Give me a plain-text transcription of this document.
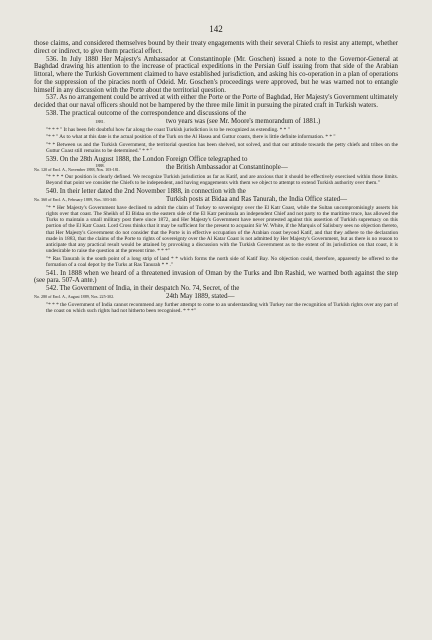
142

those claims, and considered themselves bound by their treaty engagements with their several Chiefs to resist any attempt, whether direct or indirect, to give them practical effect.

536. In July 1880 Her Majesty's Ambassador at Constantinople (Mr. Goschen) issued a note to the Governor-General at Baghdad drawing his attention to the increase of practical expeditions in the Persian Gulf issuing from that side of the Arabian littoral, where the Turkish Government claimed to have established jurisdiction, and asking his co-operation in a plan of operations for the suppression of the piracies north of Odeid. Mr. Goschen's proceedings were approved, but he was warned not to entangle himself in any discussion with the Porte about the territorial question.

537. As no arrangement could be arrived at with either the Porte or the Porte of Baghdad, Her Majesty's Government ultimately decided that our naval officers should not be hampered by the three mile limit in pursuing the pirated craft in Turkish waters.

538. The practical outcome of the correspondence and discussions of the

1881.	two years was (see Mr. Moore's memorandum of 1881.)

"* * * " It has been felt doubtful how far along the coast Turkish jurisdiction is to be recognized as extending. * * "

"* * " As to what at this date is the actual position of the Turk on the Al Hasea and Guttur coasts, there is little definite information. * * "

"* * Between us and the Turkish Government, the territorial question has been shelved, not solved, and that our attitude towards the petty chiefs and tribes on the Guttur Coast still remains to be determined." * * "

539. On the 28th August 1888, the London Foreign Office telegraphed to

1888.
No. 120 of Encl. A., November 1888, Nos. 103-181.	the British Ambassador at Constantinople—

"* * * * Our position is clearly defined. We recognize Turkish jurisdiction as far as Katif, and are anxious that it should be effectively exercised within those limits. Beyond that point we consider the Chiefs to be independent, and having engagements with them we object to attempt to extend Turkish authority over them."

540. In their letter dated the 2nd November 1888, in connection with the

No. 360 of Encl. A., February 1889, Nos. 303-340.	Turkish posts at Bidaa and Ras Tanurah, the India Office stated—

"* * Her Majesty's Government have declined to admit the claim of Turkey to sovereignty over the El Katr Coast, while the Sultan uncompromisingly asserts his rights over that coast. The Sheikh of El Bidaa on the eastern side of the El Katr peninsula an independent Chief and not party to the maritime truce, has allowed the Turks to maintain a small military post there since 1872, and Her Majesty's Government have never protested against this assertion of Turkish supremacy on this portion of the El Katr Coast. Lord Cross thinks that it may be sufficient for the present to acquaint Sir W. White, if the Marquis of Salisbury sees no objection thereto, that Her Majesty's Government do not consider that the Porte is in effective occupation of the Arabian coast beyond Katif, and that they adhere to the declaration made in 1883, that the claims of the Porte to rights of sovereignty over the Al Katar Coast is not admitted by Her Majesty's Government, but as there is no reason to anticipate that any practical result would be attained by provoking a discussion with the Turkish Government as to the extent of its jurisdiction on that coast, it is undesirable to raise the question at the present time. * * *"

"* Ras Tanurah is the south point of a long strip of land * * which forms the north side of Katif Bay. No objection could, therefore, apparently be offered to the formation of a coal depot by the Turks at Ras Tanurah * * ."

541. In 1888 when we heard of a threatened invasion of Oman by the Turks and Ibn Rashid, we warned both against the step (see para. 507-A ante.)

542. The Government of India, in their despatch No. 74, Secret, of the

No. 280 of Encl. A., August 1889, Nos. 225-302.	24th May 1889, stated—

"* * * the Government of India cannot recommend any further attempt to come to an understanding with Turkey nor the recognition of Turkish rights over any part of the coast on which such rights had not hitherto been recognised. * * *"
